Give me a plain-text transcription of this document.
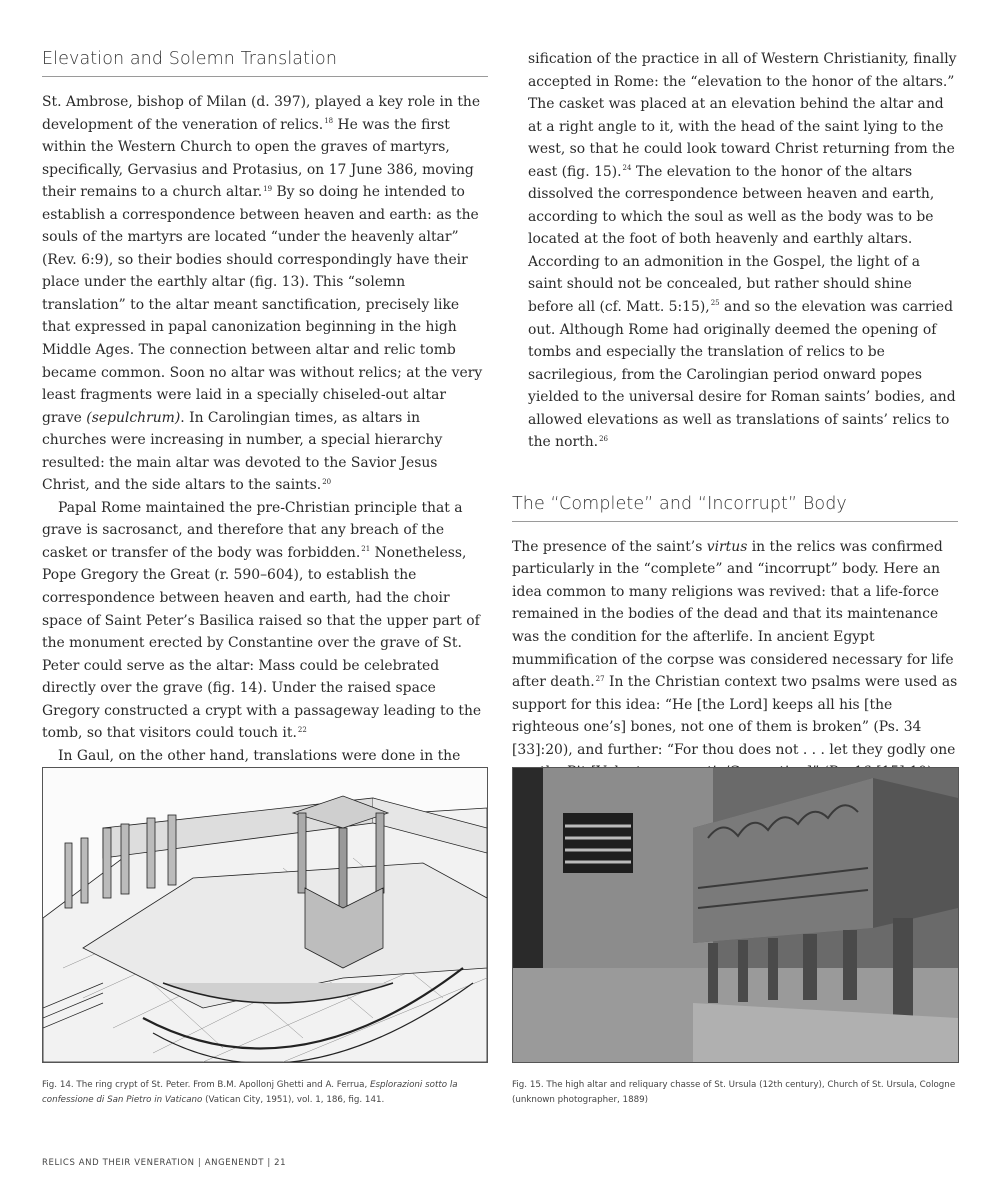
Elevation and Solemn Translation

St. Ambrose, bishop of Milan (d. 397), played a key role in the development of the veneration of relics.$^{18}$ He was the first within the Western Church to open the graves of martyrs, specifically, Gervasius and Protasius, on 17 June 386, moving their remains to a church altar.$^{19}$ By so doing he intended to establish a correspondence between heaven and earth: as the souls of the martyrs are located “under the heavenly altar” (Rev. 6:9), so their bodies should correspondingly have their place under the earthly altar (fig. 13). This “solemn translation” to the altar meant sanctification, precisely like that expressed in papal canonization beginning in the high Middle Ages. The connection between altar and relic tomb became common. Soon no altar was without relics; at the very least fragments were laid in a specially chiseled-out altar grave (sepulchrum). In Carolingian times, as altars in churches were increasing in number, a special hierarchy resulted: the main altar was devoted to the Savior Jesus Christ, and the side altars to the saints.$^{20}$

Papal Rome maintained the pre-Christian principle that a grave is sacrosanct, and therefore that any breach of the casket or transfer of the body was forbidden.$^{21}$ Nonetheless, Pope Gregory the Great (r. 590–604), to establish the correspondence between heaven and earth, had the choir space of Saint Peter’s Basilica raised so that the upper part of the monument erected by Constantine over the grave of St. Peter could serve as the altar: Mass could be celebrated directly over the grave (fig. 14). Under the raised space Gregory constructed a crypt with a passageway leading to the tomb, so that visitors could touch it.$^{22}$

In Gaul, on the other hand, translations were done in the

sification of the practice in all of Western Christianity, finally accepted in Rome: the “elevation to the honor of the altars.” The casket was placed at an elevation behind the altar and at a right angle to it, with the head of the saint lying to the west, so that he could look toward Christ returning from the east (fig. 15).$^{24}$ The elevation to the honor of the altars dissolved the correspondence between heaven and earth, according to which the soul as well as the body was to be located at the foot of both heavenly and earthly altars. According to an admonition in the Gospel, the light of a saint should not be concealed, but rather should shine before all (cf. Matt. 5:15),$^{25}$ and so the elevation was carried out. Although Rome had originally deemed the opening of tombs and especially the translation of relics to be sacrilegious, from the Carolingian period onward popes yielded to the universal desire for Roman saints’ bodies, and allowed elevations as well as translations of saints’ relics to the north.$^{26}$

The “Complete” and “Incorrupt” Body

The presence of the saint’s virtus in the relics was confirmed particularly in the “complete” and “incorrupt” body. Here an idea common to many religions was revived: that a life-force remained in the bodies of the dead and that its maintenance was the condition for the afterlife. In ancient Egypt mummification of the corpse was considered necessary for life after death.$^{27}$ In the Christian context two psalms were used as support for this idea: “He [the Lord] keeps all his [the righteous one’s] bones, not one of them is broken” (Ps. 34 [33]:20), and further: “For thou does not . . . let they godly one

Fig. 14. The ring crypt of St. Peter. From B.M. Apollonj Ghetti and A. Ferrua, Esplorazioni sotto la confessione di San Pietro in Vaticano (Vatican City, 1951), vol. 1, 186, fig. 141.
Fig. 15. The high altar and reliquary chasse of St. Ursula (12th century), Church of St. Ursula, Cologne (unknown photographer, 1889)
RELICS AND THEIR VENERATION | ANGENENDT | 21
